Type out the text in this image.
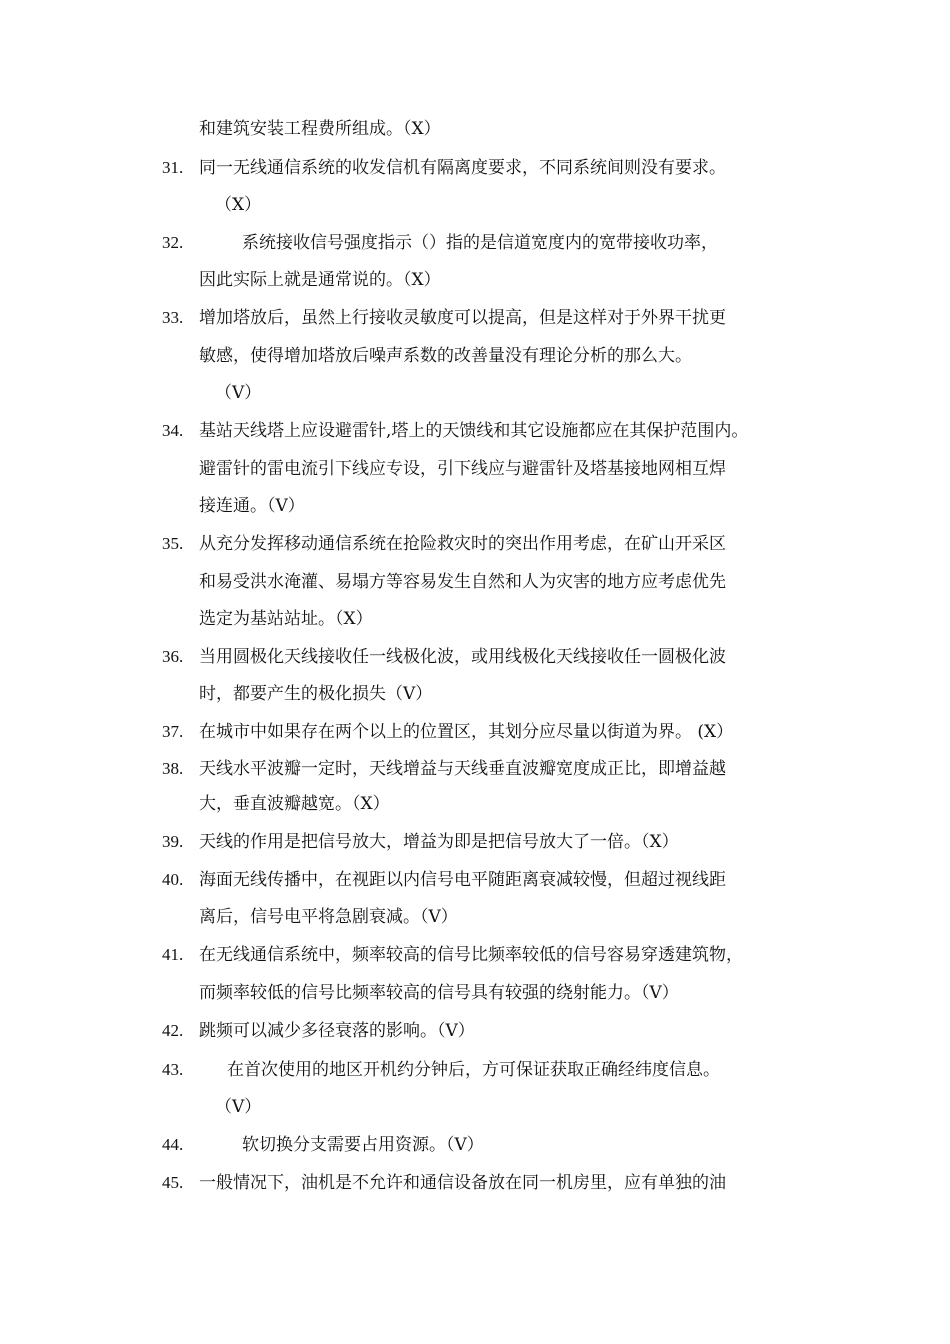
和建筑安装工程费所组成。（X）
31. 同一无线通信系统的收发信机有隔离度要求，不同系统间则没有要求。
（X）
32.	系统接收信号强度指示（）指的是信道宽度内的宽带接收功率，
因此实际上就是通常说的。（X）
33. 增加塔放后，虽然上行接收灵敏度可以提高，但是这样对于外界干扰更
敏感，使得增加塔放后噪声系数的改善量没有理论分析的那么大。
（V）
34. 基站天线塔上应设避雷针,塔上的天馈线和其它设施都应在其保护范围内。
避雷针的雷电流引下线应专设，引下线应与避雷针及塔基接地网相互焊
接连通。（V）
35. 从充分发挥移动通信系统在抢险救灾时的突出作用考虑，在矿山开采区
和易受洪水淹灌、易塌方等容易发生自然和人为灾害的地方应考虑优先
选定为基站站址。（X）
36. 当用圆极化天线接收任一线极化波，或用线极化天线接收任一圆极化波
时，都要产生的极化损失（V）
37. 在城市中如果存在两个以上的位置区，其划分应尽量以街道为界。 (X）
38. 天线水平波瓣一定时，天线增益与天线垂直波瓣宽度成正比，即增益越
大，垂直波瓣越宽。（X）
39. 天线的作用是把信号放大，增益为即是把信号放大了一倍。（X）
40. 海面无线传播中，在视距以内信号电平随距离衰减较慢，但超过视线距
离后，信号电平将急剧衰减。（V）
41. 在无线通信系统中，频率较高的信号比频率较低的信号容易穿透建筑物，
而频率较低的信号比频率较高的信号具有较强的绕射能力。（V）
42. 跳频可以减少多径衰落的影响。（V）
43.	在首次使用的地区开机约分钟后，方可保证获取正确经纬度信息。
（V）
44.	软切换分支需要占用资源。（V）
45. 一般情况下，油机是不允许和通信设备放在同一机房里，应有单独的油
